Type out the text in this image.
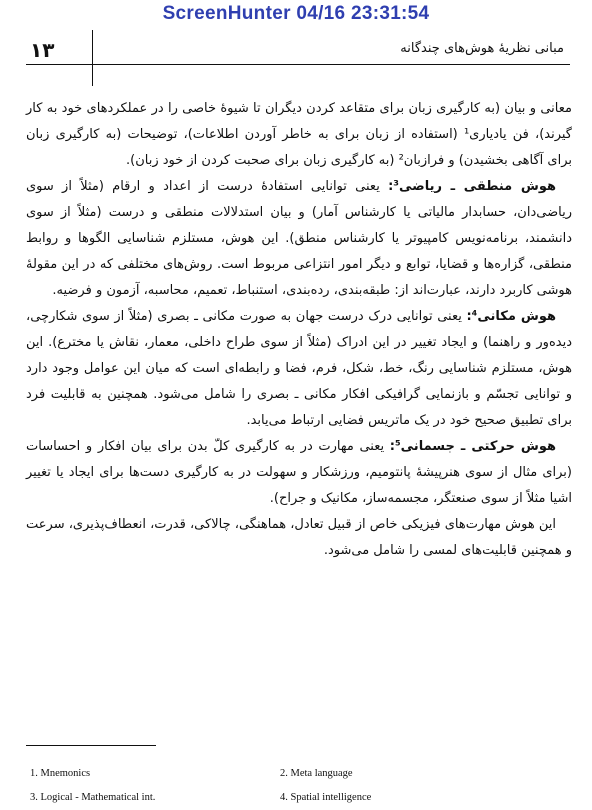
ScreenHunter 04/16 23:31:54
۱۳	مبانی نظریهٔ هوش‌های چندگانه

معانی و بیان (به کارگیری زبان برای متقاعد کردن دیگران تا شیوهٔ خاصی را در عملکردهای خود به کار گیرند)، فن یادیاری¹ (استفاده از زبان برای به خاطر آوردن اطلاعات)، توضیحات (به کارگیری زبان برای آگاهی بخشیدن) و فرازبان² (به کارگیری زبان برای صحبت کردن از خود زبان).

هوش منطقی ـ ریاضی³: یعنی توانایی استفادهٔ درست از اعداد و ارقام (مثلاً از سوی ریاضی‌دان، حسابدار مالیاتی یا کارشناس آمار) و بیان استدلالات منطقی و درست (مثلاً از سوی دانشمند، برنامه‌نویس کامپیوتر یا کارشناس منطق). این هوش، مستلزم شناسایی الگوها و روابط منطقی، گزاره‌ها و قضایا، توابع و دیگر امور انتزاعی مربوط است. روش‌های مختلفی که در این مقولهٔ هوشی کاربرد دارند، عبارت‌اند از: طبقه‌بندی، رده‌بندی، استنباط، تعمیم، محاسبه، آزمون و فرضیه.

هوش مکانی⁴: یعنی توانایی درک درست جهان به صورت مکانی ـ بصری (مثلاً از سوی شکارچی، دیده‌ور و راهنما) و ایجاد تغییر در این ادراک (مثلاً از سوی طراح داخلی، معمار، نقاش یا مخترع). این هوش، مستلزم شناسایی رنگ، خط، شکل، فرم، فضا و رابطه‌ای است که میان این عوامل وجود دارد و توانایی تجسّم و بازنمایی گرافیکی افکار مکانی ـ بصری را شامل می‌شود. همچنین به قابلیت فرد برای تطبیق صحیح خود در یک ماتریس فضایی ارتباط می‌یابد.

هوش حرکتی ـ جسمانی⁵: یعنی مهارت در به کارگیری کلّ بدن برای بیان افکار و احساسات (برای مثال از سوی هنرپیشهٔ پانتومیم، ورزشکار و سهولت در به کارگیری دست‌ها برای ایجاد یا تغییر اشیا مثلاً از سوی صنعتگر، مجسمه‌ساز، مکانیک و جراح).

این هوش مهارت‌های فیزیکی خاص از قبیل تعادل، هماهنگی، چالاکی، قدرت، انعطاف‌پذیری، سرعت و همچنین قابلیت‌های لمسی را شامل می‌شود.

1. Mnemonics	2. Meta language
3. Logical - Mathematical int.	4. Spatial intelligence
